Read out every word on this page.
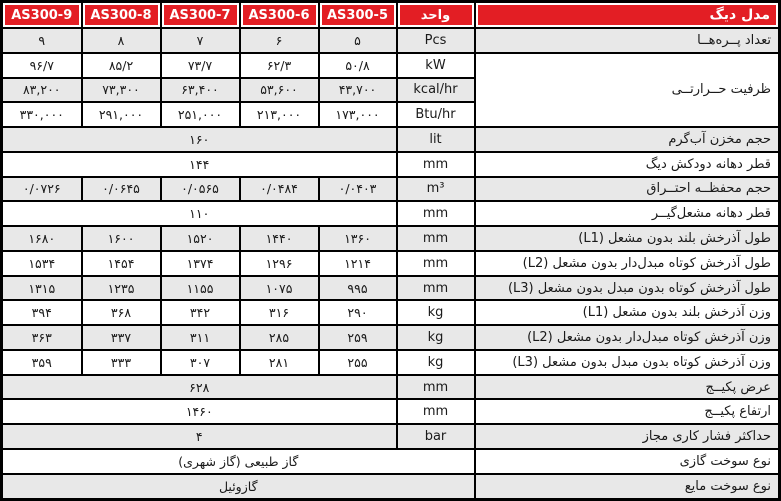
AS300-9	AS300-8	AS300-7	AS300-6	AS300-5	واحد	مدل دیگ
۹	۸	۷	۶	۵	Pcs	تعداد پــره‌هــا
۹۶/۷	۸۵/۲	۷۳/۷	۶۲/۳	۵۰/۸	kW	ظرفیت حــرارتــی
۸۳,۲۰۰	۷۳,۳۰۰	۶۳,۴۰۰	۵۳,۶۰۰	۴۳,۷۰۰	kcal/hr	
۳۳۰,۰۰۰	۲۹۱,۰۰۰	۲۵۱,۰۰۰	۲۱۳,۰۰۰	۱۷۳,۰۰۰	Btu/hr	
۱۶۰					lit	حجم مخزن آب‌گرم
۱۴۴					mm	قطر دهانه دودکش دیگ
۰/۰۷۲۶	۰/۰۶۴۵	۰/۰۵۶۵	۰/۰۴۸۴	۰/۰۴۰۳	m³	حجم محفظــه احتــراق
۱۱۰					mm	قطر دهانه مشعل‌گیــر
۱۶۸۰	۱۶۰۰	۱۵۲۰	۱۴۴۰	۱۳۶۰	mm	طول آذرخش بلند بدون مشعل (L1)
۱۵۳۴	۱۴۵۴	۱۳۷۴	۱۲۹۶	۱۲۱۴	mm	طول آذرخش کوتاه مبدل‌دار بدون مشعل (L2)
۱۳۱۵	۱۲۳۵	۱۱۵۵	۱۰۷۵	۹۹۵	mm	طول آذرخش کوتاه بدون مبدل بدون مشعل (L3)
۳۹۴	۳۶۸	۳۴۲	۳۱۶	۲۹۰	kg	وزن آذرخش بلند بدون مشعل (L1)
۳۶۳	۳۳۷	۳۱۱	۲۸۵	۲۵۹	kg	وزن آذرخش کوتاه مبدل‌دار بدون مشعل (L2)
۳۵۹	۳۳۳	۳۰۷	۲۸۱	۲۵۵	kg	وزن آذرخش کوتاه بدون مبدل بدون مشعل (L3)
۶۲۸					mm	عرض پکیــج
۱۴۶۰					mm	ارتفاع پکیــج
۴					bar	حداکثر فشار کاری مجاز
گاز طبیعی (گاز شهری)						نوع سوخت گازی
گازوئیل						نوع سوخت مایع
